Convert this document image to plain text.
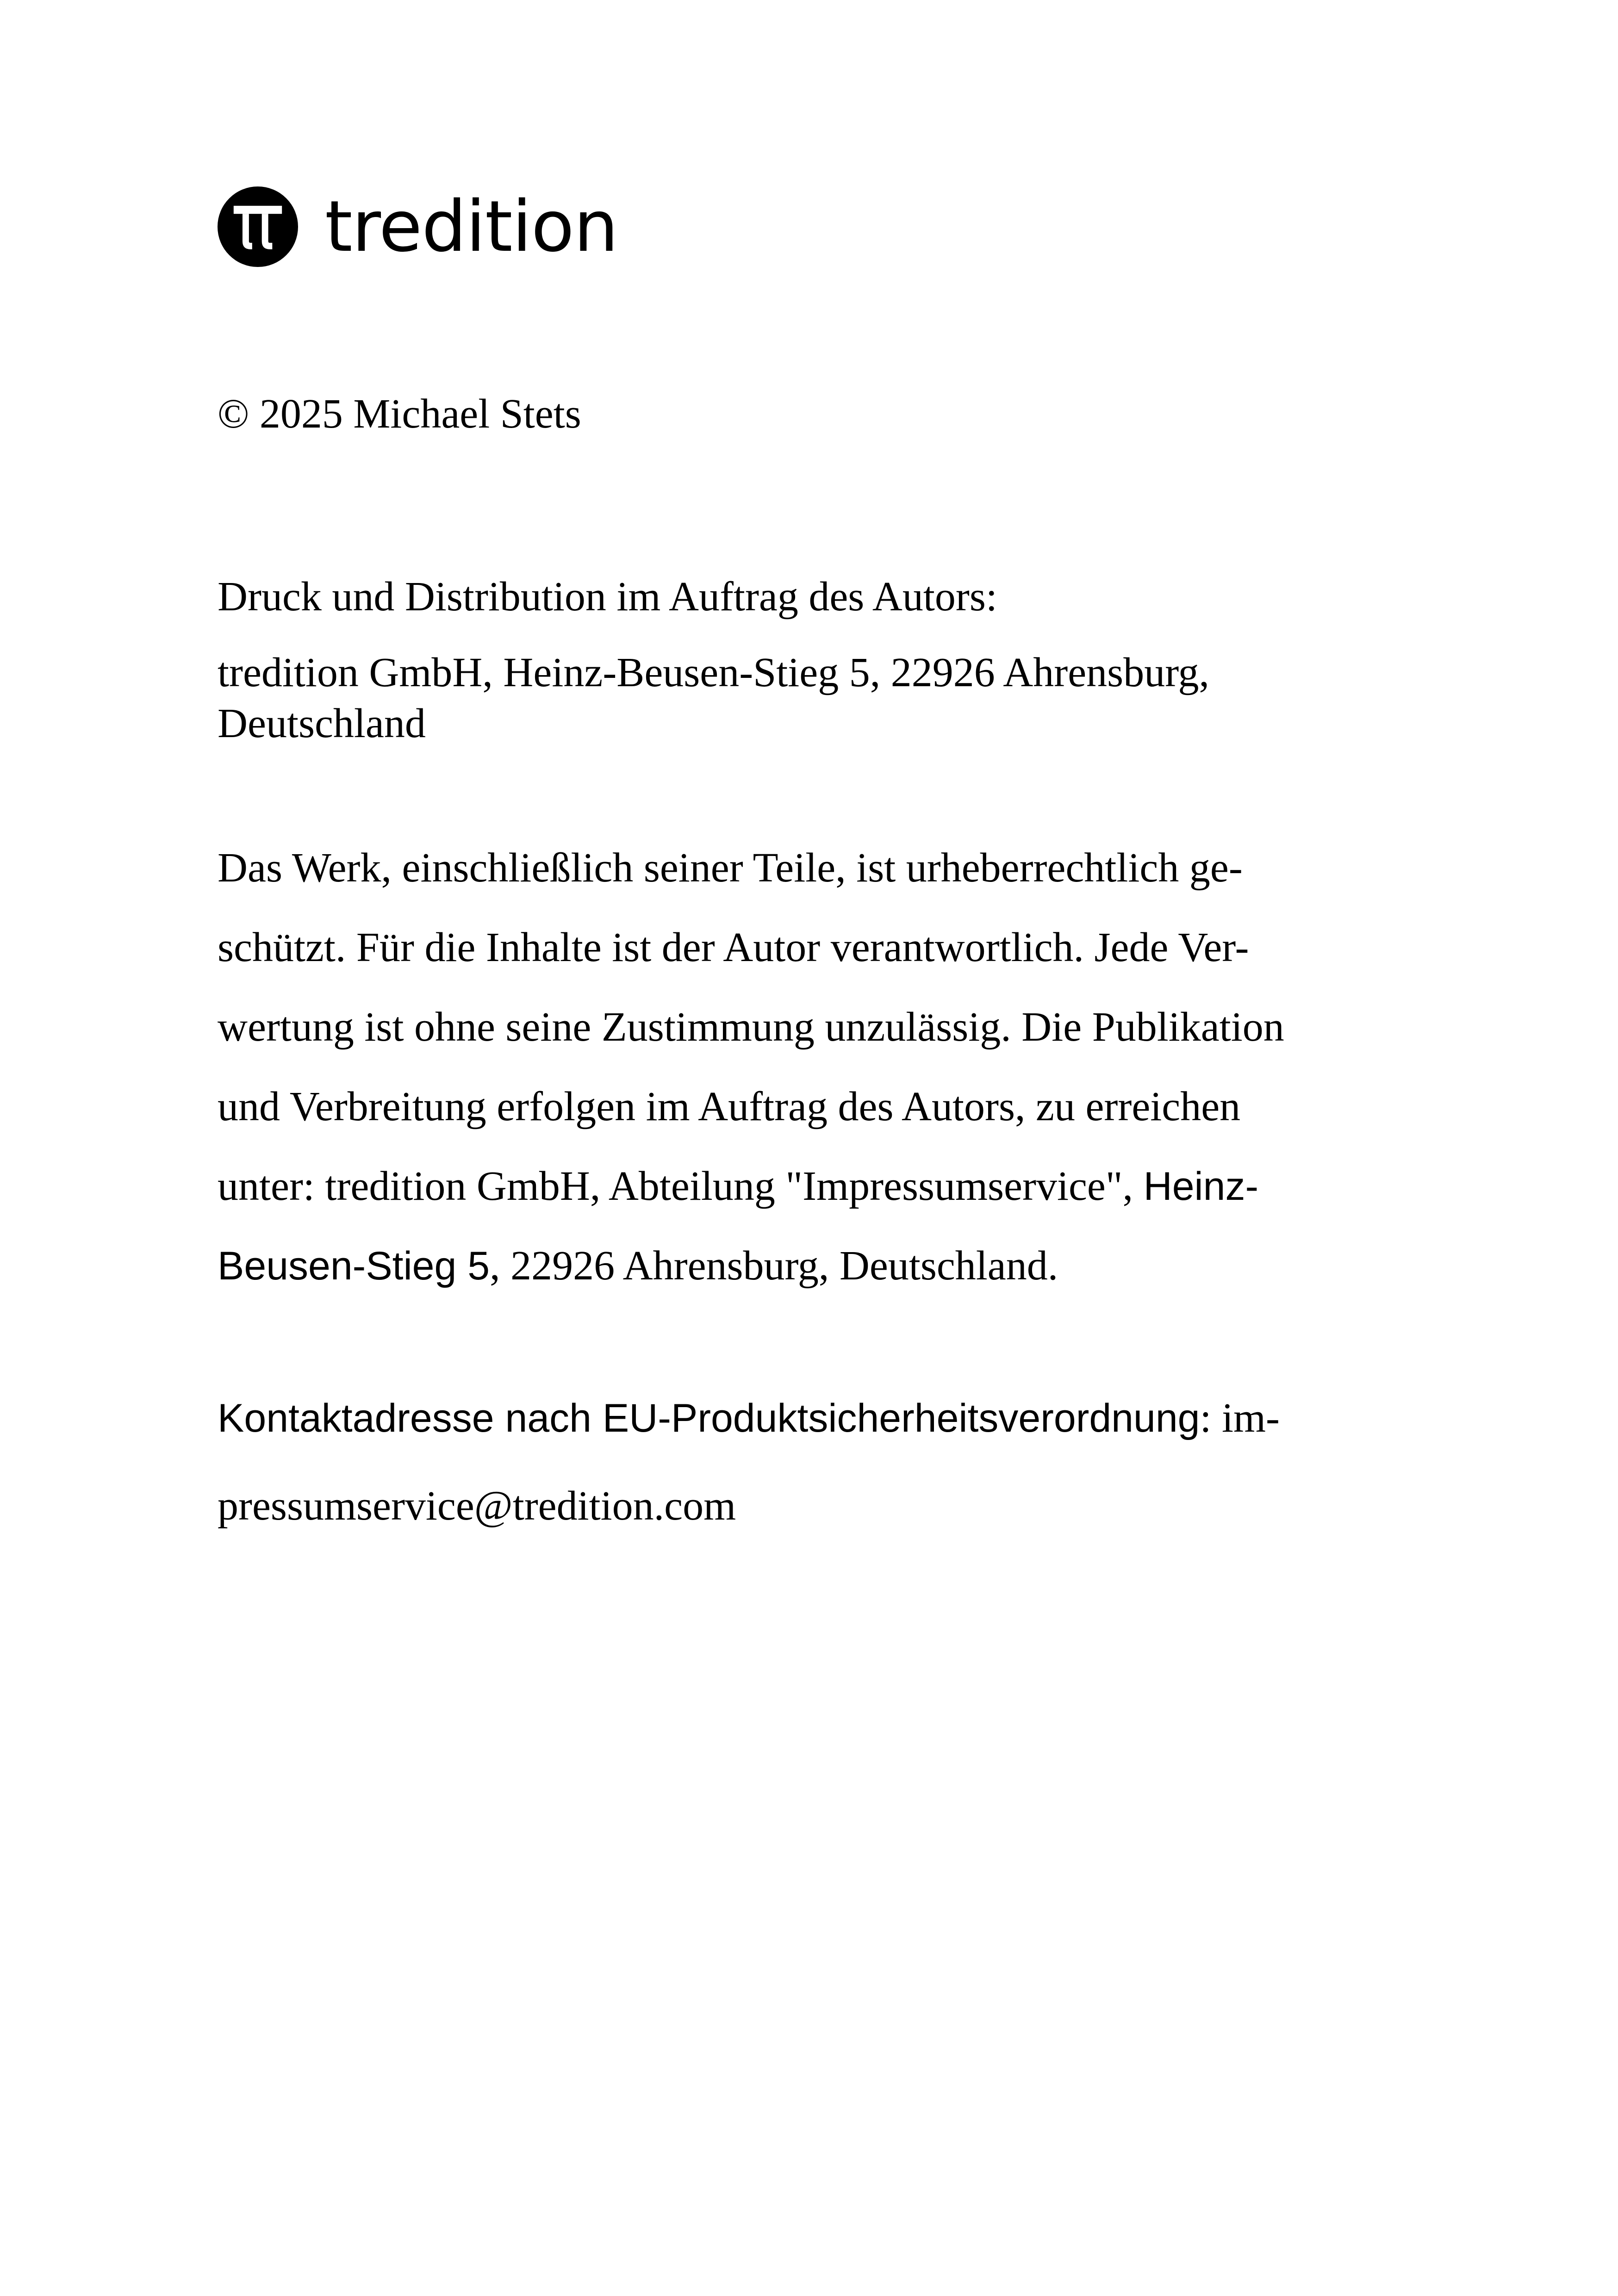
tredition

© 2025 Michael Stets

Druck und Distribution im Auftrag des Autors:
tredition GmbH, Heinz-Beusen-Stieg 5, 22926 Ahrensburg,
Deutschland

Das Werk, einschließlich seiner Teile, ist urheberrechtlich ge-
schützt. Für die Inhalte ist der Autor verantwortlich. Jede Ver-
wertung ist ohne seine Zustimmung unzulässig. Die Publikation
und Verbreitung erfolgen im Auftrag des Autors, zu erreichen
unter: tredition GmbH, Abteilung "Impressumservice", Heinz-
Beusen-Stieg 5, 22926 Ahrensburg, Deutschland.

Kontaktadresse nach EU-Produktsicherheitsverordnung: im-
pressumservice@tredition.com
